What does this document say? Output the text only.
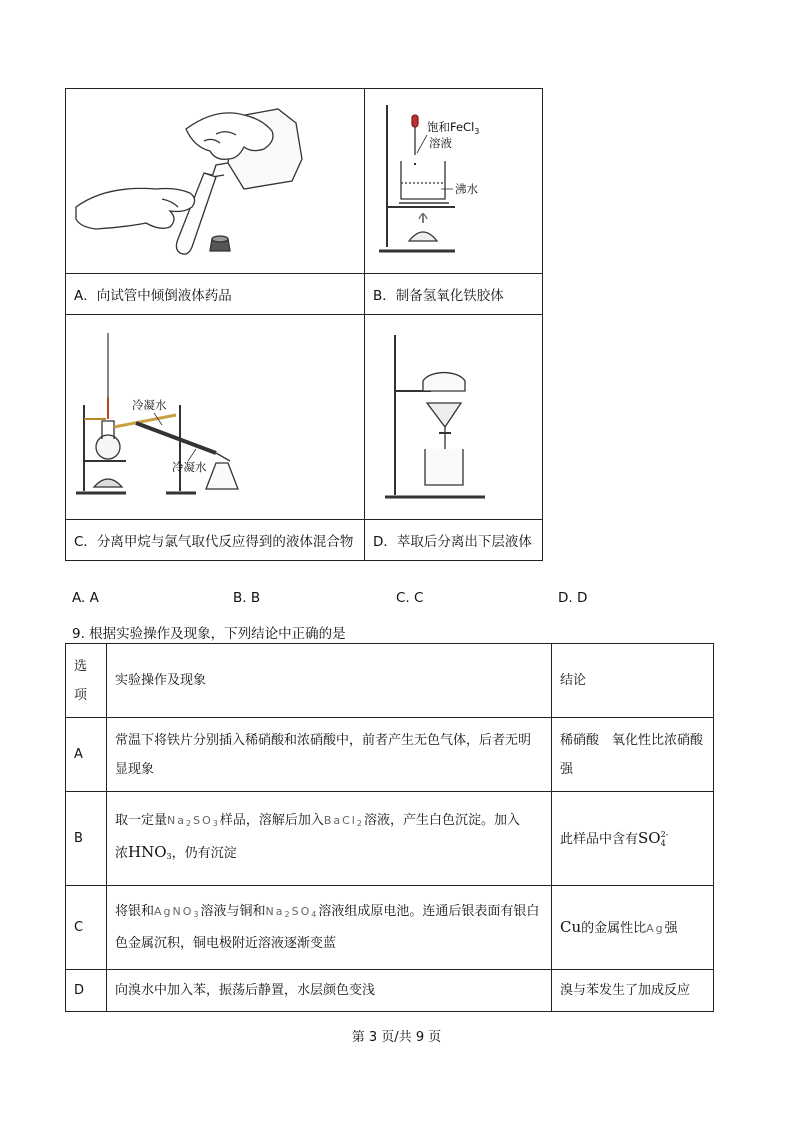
饱和FeCl$_3$
溶液
沸水

A．向试管中倾倒液体药品	B．制备氢氧化铁胶体

冷凝水
冷凝水

C．分离甲烷与氯气取代反应得到的液体混合物	D．萃取后分离出下层液体
A. A	B. B	C. C	D. D
9. 根据实验操作及现象，下列结论中正确的是
选
项	实验操作及现象	结论
A	常温下将铁片分别插入稀硝酸和浓硝酸中，前者产生无色气体，后者无明显现象	稀硝酸　氧化性比浓硝酸强
B	取一定量$Na_2SO_3$样品，溶解后加入BaCl$_2$溶液，产生白色沉淀。加入
浓$HNO_3$，仍有沉淀	此样品中含有SO 2-
4

C	将银和AgNO$_3$溶液与铜和$Na_2SO_4$溶液组成原电池。连通后银表面有银白色金属沉积，铜电极附近溶液逐渐变蓝	Cu的金属性比Ag强
D	向溴水中加入苯，振荡后静置，水层颜色变浅	溴与苯发生了加成反应
第 3 页/共 9 页
